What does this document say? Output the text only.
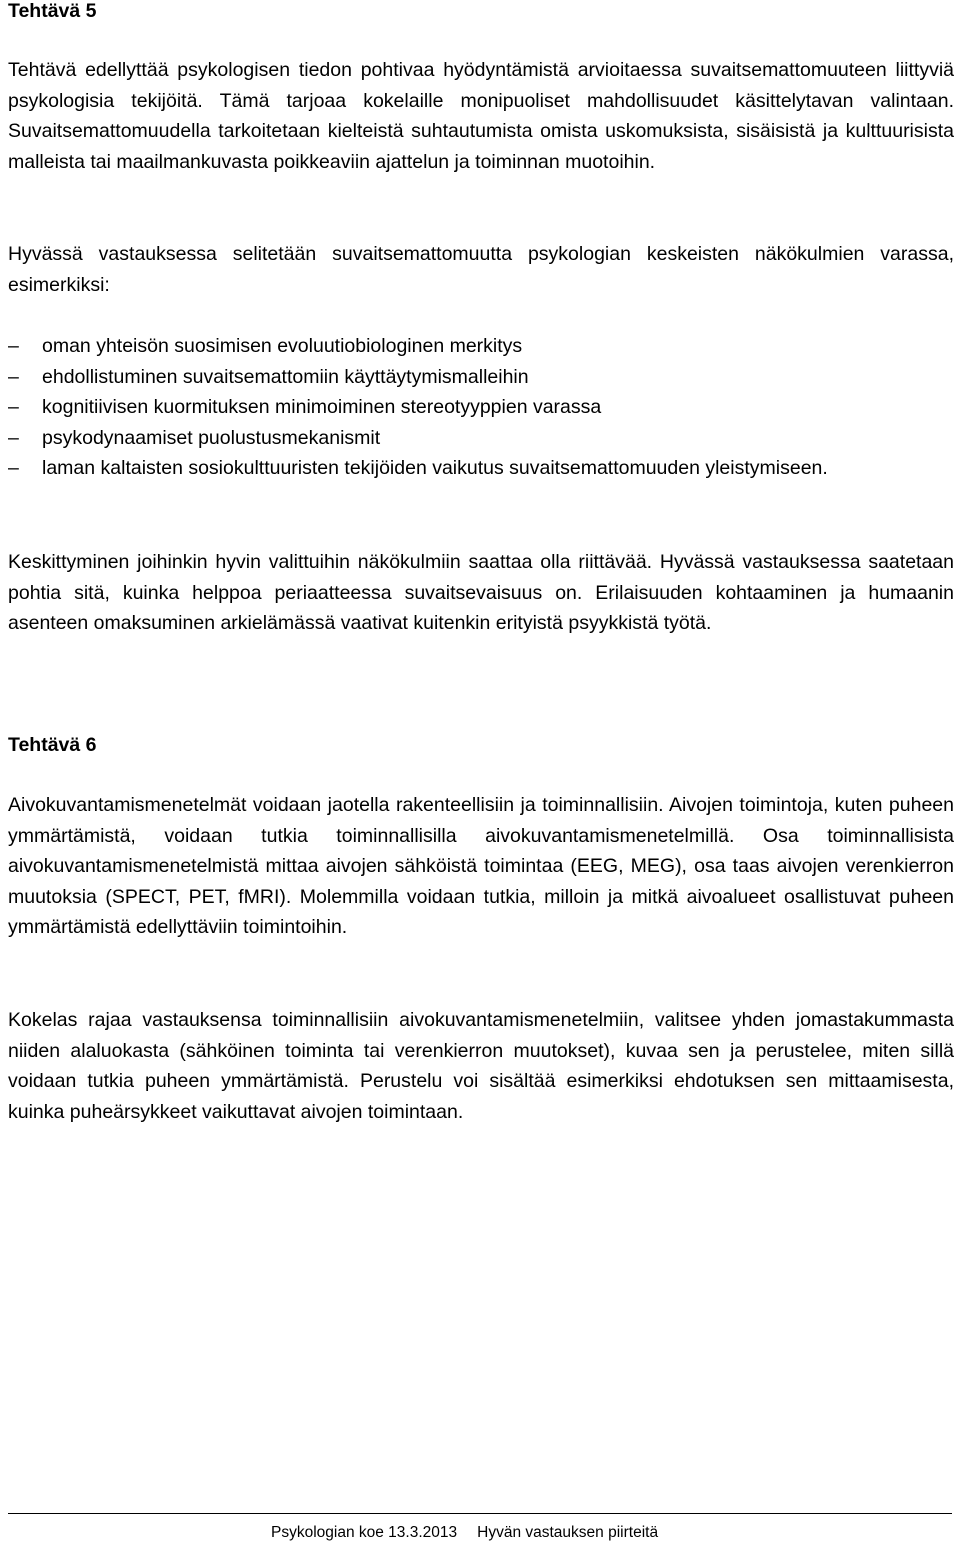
Tehtävä 5

Tehtävä edellyttää psykologisen tiedon pohtivaa hyödyntämistä arvioitaessa suvaitsemattomuuteen liittyviä psykologisia tekijöitä. Tämä tarjoaa kokelaille monipuoliset mahdollisuudet käsittelytavan valintaan. Suvaitsemattomuudella tarkoitetaan kielteistä suhtautumista omista uskomuksista, sisäisistä ja kulttuurisista malleista tai maailmankuvasta poikkeaviin ajattelun ja toiminnan muotoihin.

Hyvässä vastauksessa selitetään suvaitsemattomuutta psykologian keskeisten näkökulmien varassa, esimerkiksi:

– oman yhteisön suosimisen evoluutiobiologinen merkitys
– ehdollistuminen suvaitsemattomiin käyttäytymismalleihin
– kognitiivisen kuormituksen minimoiminen stereotyyppien varassa
– psykodynaamiset puolustusmekanismit
– laman kaltaisten sosiokulttuuristen tekijöiden vaikutus suvaitsemattomuuden yleistymiseen.

Keskittyminen joihinkin hyvin valittuihin näkökulmiin saattaa olla riittävää. Hyvässä vastauksessa saatetaan pohtia sitä, kuinka helppoa periaatteessa suvaitsevaisuus on. Erilaisuuden kohtaaminen ja humaanin asenteen omaksuminen arkielämässä vaativat kuitenkin erityistä psyykkistä työtä.

Tehtävä 6

Aivokuvantamismenetelmät voidaan jaotella rakenteellisiin ja toiminnallisiin. Aivojen toimintoja, kuten puheen ymmärtämistä, voidaan tutkia toiminnallisilla aivokuvantamismenetelmillä. Osa toiminnallisista aivokuvantamismenetelmistä mittaa aivojen sähköistä toimintaa (EEG, MEG), osa taas aivojen verenkierron muutoksia (SPECT, PET, fMRI). Molemmilla voidaan tutkia, milloin ja mitkä aivoalueet osallistuvat puheen ymmärtämistä edellyttäviin toimintoihin.

Kokelas rajaa vastauksensa toiminnallisiin aivokuvantamismenetelmiin, valitsee yhden jomastakummasta niiden alaluokasta (sähköinen toiminta tai verenkierron muutokset), kuvaa sen ja perustelee, miten sillä voidaan tutkia puheen ymmärtämistä. Perustelu voi sisältää esimerkiksi ehdotuksen sen mittaamisesta, kuinka puheärsykkeet vaikuttavat aivojen toimintaan.

Psykologian koe 13.3.2013 Hyvän vastauksen piirteitä
